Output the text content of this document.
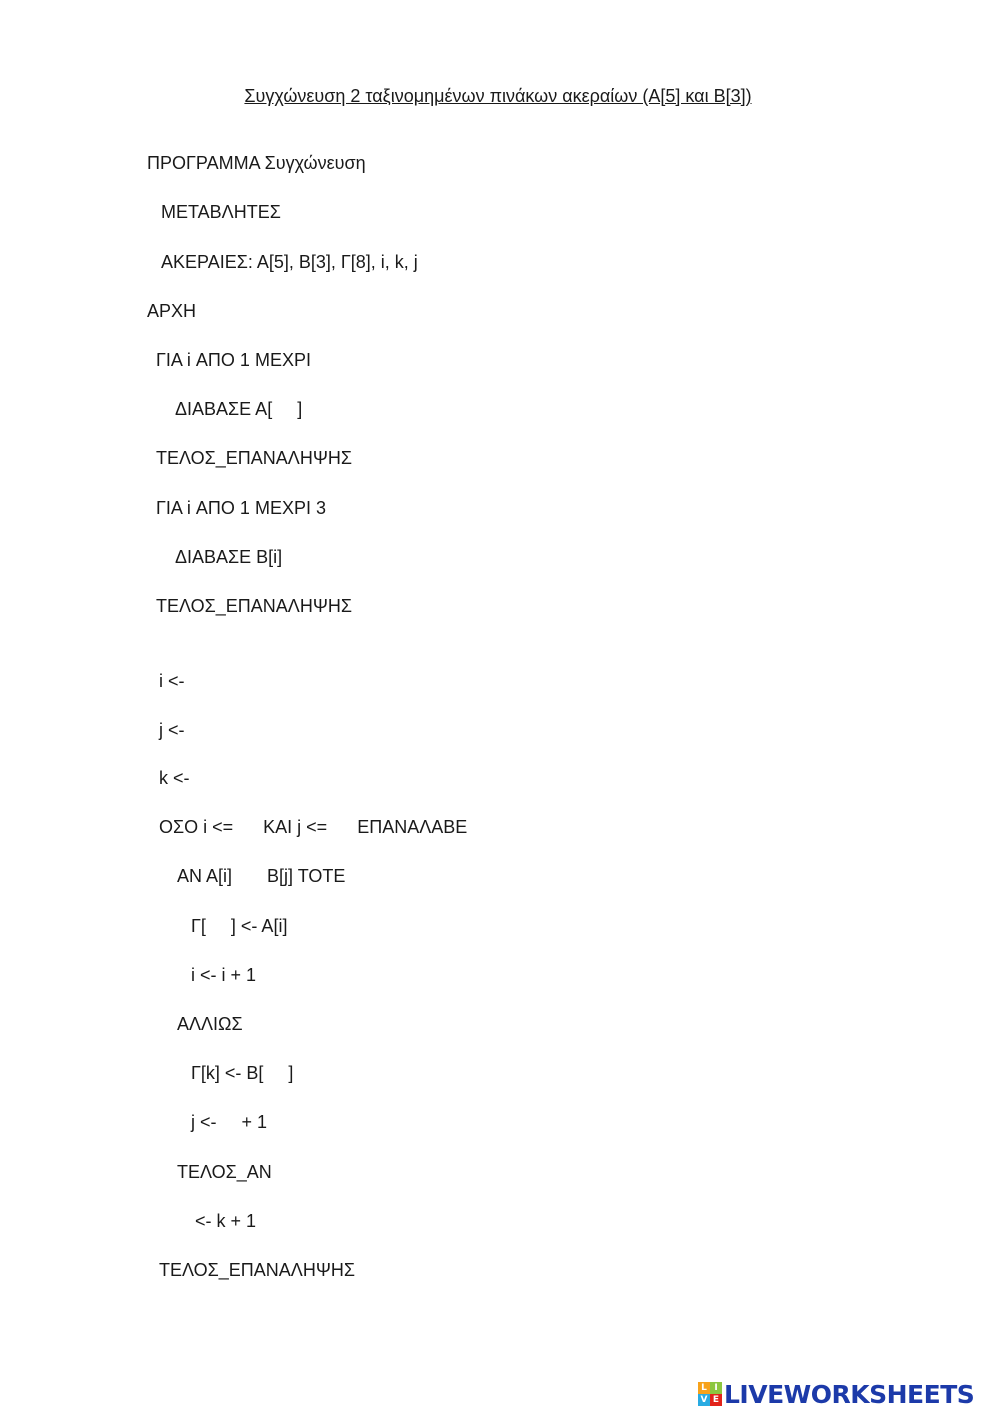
Συγχώνευση 2 ταξινομημένων πινάκων ακεραίων (Α[5] και Β[3])
ΠΡΟΓΡΑΜΜΑ Συγχώνευση
ΜΕΤΑΒΛΗΤΕΣ
ΑΚΕΡΑΙΕΣ: Α[5], Β[3], Γ[8], i, k, j
ΑΡΧΗ
ΓΙΑ i ΑΠΟ 1 ΜΕΧΡΙ
ΔΙΑΒΑΣΕ Α[     ]
ΤΕΛΟΣ_ΕΠΑΝΑΛΗΨΗΣ
ΓΙΑ i ΑΠΟ 1 ΜΕΧΡΙ 3
ΔΙΑΒΑΣΕ Β[i]
ΤΕΛΟΣ_ΕΠΑΝΑΛΗΨΗΣ
i <-
j <-
k <-
ΟΣΟ i <=      ΚΑΙ j <=      ΕΠΑΝΑΛΑΒΕ
ΑΝ Α[i]       Β[j] ΤΟΤΕ
Γ[     ] <- Α[i]
i <- i + 1
ΑΛΛΙΩΣ
Γ[k] <- Β[     ]
j <-     + 1
ΤΕΛΟΣ_ΑΝ
<- k + 1
ΤΕΛΟΣ_ΕΠΑΝΑΛΗΨΗΣ
L I
V E LIVEWORKSHEETS
